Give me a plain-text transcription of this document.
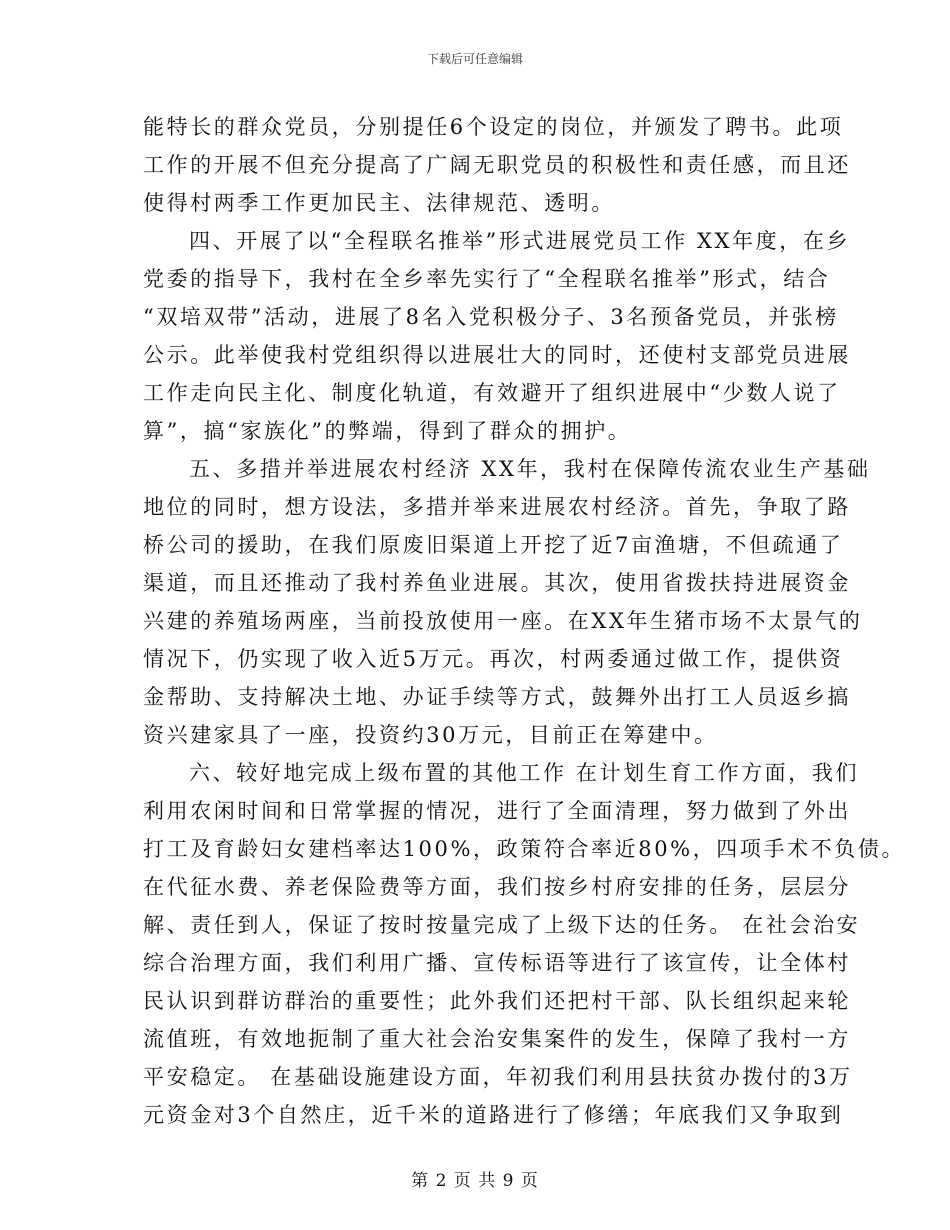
下载后可任意编辑
能特长的群众党员，分别提任6个设定的岗位，并颁发了聘书。此项
工作的开展不但充分提高了广阔无职党员的积极性和责任感，而且还
使得村两季工作更加民主、法律规范、透明。
四、开展了以“全程联名推举”形式进展党员工作 XX年度，在乡
党委的指导下，我村在全乡率先实行了“全程联名推举”形式，结合
“双培双带”活动，进展了8名入党积极分子、3名预备党员，并张榜
公示。此举使我村党组织得以进展壮大的同时，还使村支部党员进展
工作走向民主化、制度化轨道，有效避开了组织进展中“少数人说了
算”，搞“家族化”的弊端，得到了群众的拥护。
五、多措并举进展农村经济 XX年，我村在保障传流农业生产基础
地位的同时，想方设法，多措并举来进展农村经济。首先，争取了路
桥公司的援助，在我们原废旧渠道上开挖了近7亩渔塘，不但疏通了
渠道，而且还推动了我村养鱼业进展。其次，使用省拨扶持进展资金
兴建的养殖场两座，当前投放使用一座。在XX年生猪市场不太景气的
情况下，仍实现了收入近5万元。再次，村两委通过做工作，提供资
金帮助、支持解决土地、办证手续等方式，鼓舞外出打工人员返乡搞
资兴建家具了一座，投资约30万元，目前正在筹建中。
六、较好地完成上级布置的其他工作 在计划生育工作方面，我们
利用农闲时间和日常掌握的情况，进行了全面清理，努力做到了外出
打工及育龄妇女建档率达100%，政策符合率近80%，四项手术不负债。
在代征水费、养老保险费等方面，我们按乡村府安排的任务，层层分
解、责任到人，保证了按时按量完成了上级下达的任务。 在社会治安
综合治理方面，我们利用广播、宣传标语等进行了该宣传，让全体村
民认识到群访群治的重要性；此外我们还把村干部、队长组织起来轮
流值班，有效地扼制了重大社会治安集案件的发生，保障了我村一方
平安稳定。 在基础设施建设方面，年初我们利用县扶贫办拨付的3万
元资金对3个自然庄，近千米的道路进行了修缮；年底我们又争取到
第 2 页 共 9 页
